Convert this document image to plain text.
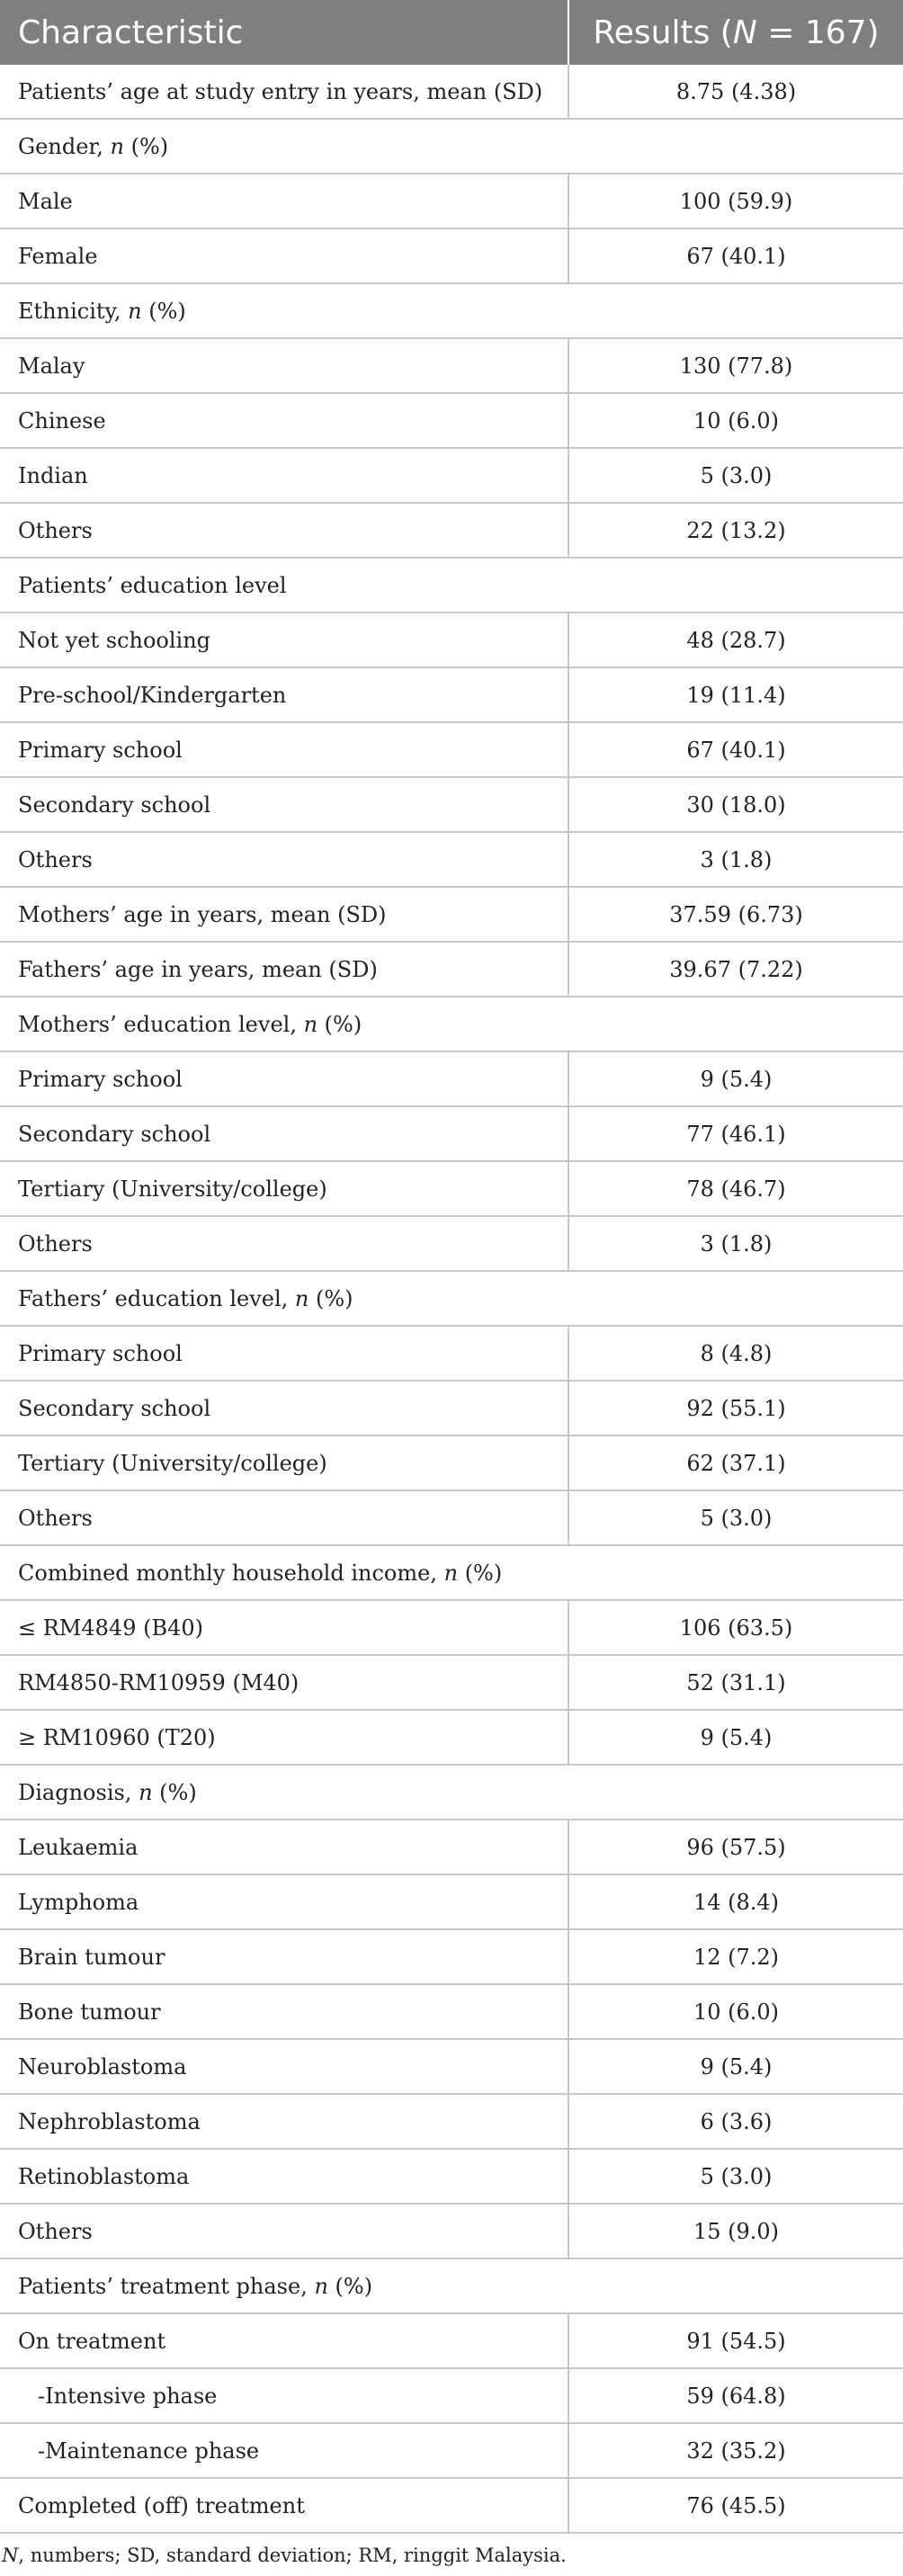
Characteristic	Results (N = 167)
Patients’ age at study entry in years, mean (SD)	8.75 (4.38)
Gender, n (%)	
Male	100 (59.9)
Female	67 (40.1)
Ethnicity, n (%)	
Malay	130 (77.8)
Chinese	10 (6.0)
Indian	5 (3.0)
Others	22 (13.2)
Patients’ education level	
Not yet schooling	48 (28.7)
Pre-school/Kindergarten	19 (11.4)
Primary school	67 (40.1)
Secondary school	30 (18.0)
Others	3 (1.8)
Mothers’ age in years, mean (SD)	37.59 (6.73)
Fathers’ age in years, mean (SD)	39.67 (7.22)
Mothers’ education level, n (%)	
Primary school	9 (5.4)
Secondary school	77 (46.1)
Tertiary (University/college)	78 (46.7)
Others	3 (1.8)
Fathers’ education level, n (%)	
Primary school	8 (4.8)
Secondary school	92 (55.1)
Tertiary (University/college)	62 (37.1)
Others	5 (3.0)
Combined monthly household income, n (%)	
≤ RM4849 (B40)	106 (63.5)
RM4850-RM10959 (M40)	52 (31.1)
≥ RM10960 (T20)	9 (5.4)
Diagnosis, n (%)	
Leukaemia	96 (57.5)
Lymphoma	14 (8.4)
Brain tumour	12 (7.2)
Bone tumour	10 (6.0)
Neuroblastoma	9 (5.4)
Nephroblastoma	6 (3.6)
Retinoblastoma	5 (3.0)
Others	15 (9.0)
Patients’ treatment phase, n (%)	
On treatment	91 (54.5)
-Intensive phase	59 (64.8)
-Maintenance phase	32 (35.2)
Completed (off) treatment	76 (45.5)
N, numbers; SD, standard deviation; RM, ringgit Malaysia.
